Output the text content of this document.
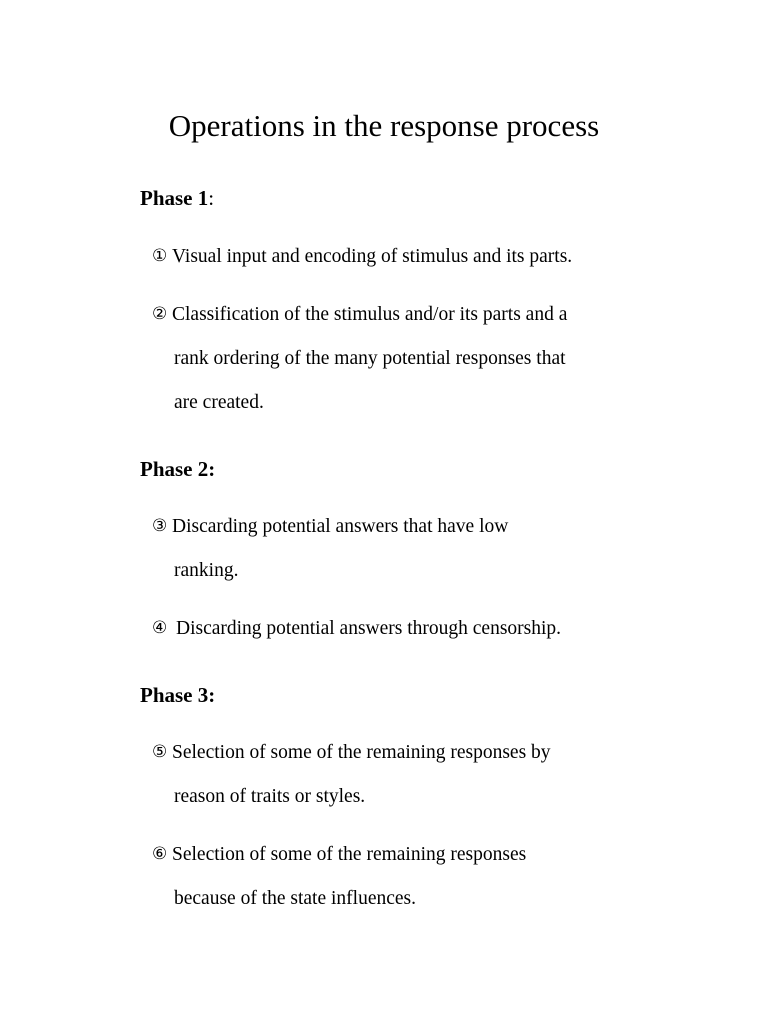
Operations in the response process
Phase 1:
① Visual input and encoding of stimulus and its parts.
② Classification of the stimulus and/or its parts and a
rank ordering of the many potential responses that
are created.
Phase 2:
③ Discarding potential answers that have low
ranking.
④ Discarding potential answers through censorship.
Phase 3:
⑤ Selection of some of the remaining responses by
reason of traits or styles.
⑥ Selection of some of the remaining responses
because of the state influences.
